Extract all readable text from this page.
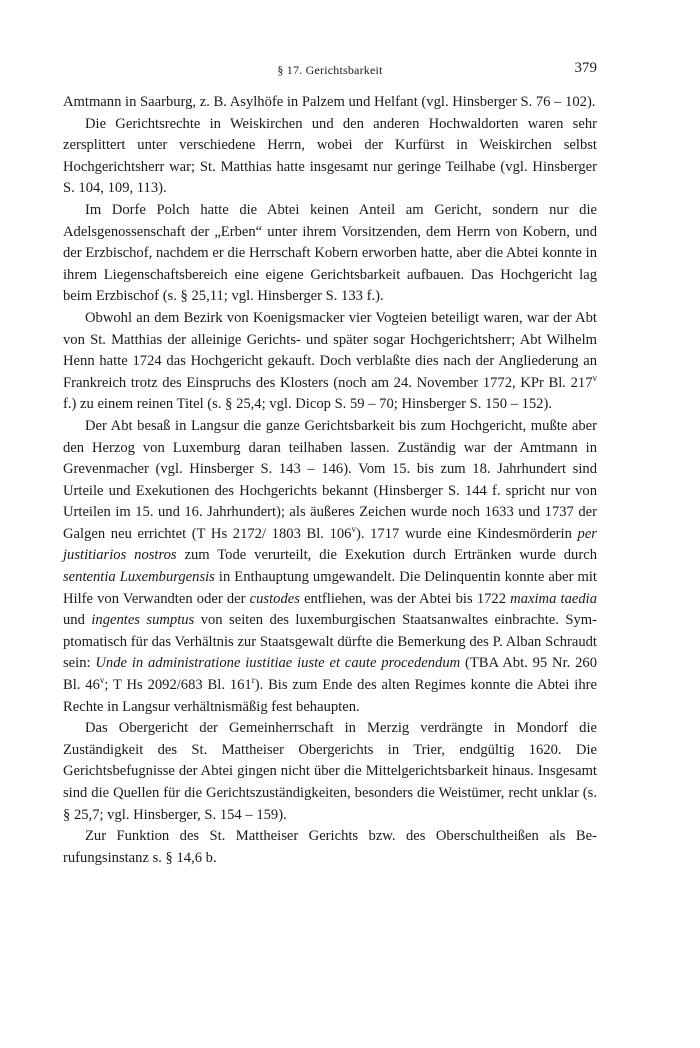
§ 17. Gerichtsbarkeit	379

Amtmann in Saarburg, z. B. Asylhöfe in Palzem und Helfant (vgl. Hinsberger S. 76 – 102).

Die Gerichtsrechte in Weiskirchen und den anderen Hochwaldorten waren sehr zersplittert unter verschiedene Herrn, wobei der Kurfürst in Weiskirchen selbst Hochgerichtsherr war; St. Matthias hatte insgesamt nur geringe Teilhabe (vgl. Hinsberger S. 104, 109, 113).

Im Dorfe Polch hatte die Abtei keinen Anteil am Gericht, sondern nur die Adelsgenossenschaft der „Erben“ unter ihrem Vorsitzenden, dem Herrn von Kobern, und der Erzbischof, nachdem er die Herrschaft Kobern erworben hatte, aber die Abtei konnte in ihrem Liegenschaftsbereich eine eigene Gerichtsbarkeit aufbauen. Das Hochgericht lag beim Erzbischof (s. § 25,11; vgl. Hinsberger S. 133 f.).

Obwohl an dem Bezirk von Koenigsmacker vier Vogteien beteiligt waren, war der Abt von St. Matthias der alleinige Gerichts- und später sogar Hochgerichtsherr; Abt Wilhelm Henn hatte 1724 das Hochgericht gekauft. Doch verblaßte dies nach der Angliederung an Frankreich trotz des Einspruchs des Klosters (noch am 24. November 1772, KPr Bl. 217$^v$ f.) zu einem reinen Titel (s. § 25,4; vgl. Dicop S. 59 – 70; Hinsberger S. 150 – 152).

Der Abt besaß in Langsur die ganze Gerichtsbarkeit bis zum Hochgericht, mußte aber den Herzog von Luxemburg daran teilhaben lassen. Zuständig war der Amtmann in Grevenmacher (vgl. Hinsberger S. 143 – 146). Vom 15. bis zum 18. Jahrhundert sind Urteile und Exekutionen des Hochgerichts bekannt (Hinsberger S. 144 f. spricht nur von Urteilen im 15. und 16. Jahrhundert); als äußeres Zeichen wurde noch 1633 und 1737 der Galgen neu errichtet (T Hs 2172/ 1803 Bl. 106$^v$). 1717 wurde eine Kindesmörderin per justitiarios nostros zum Tode verurteilt, die Exekution durch Ertränken wurde durch sententia Luxemburgensis in Enthauptung umgewandelt. Die Delinquentin konnte aber mit Hilfe von Verwandten oder der custodes entfliehen, was der Abtei bis 1722 maxima taedia und ingentes sumptus von seiten des luxemburgischen Staatsanwaltes einbrachte. Symptomatisch für das Verhältnis zur Staatsgewalt dürfte die Bemerkung des P. Alban Schraudt sein: Unde in administratione iustitiae iuste et caute procedendum (TBA Abt. 95 Nr. 260 Bl. 46$^v$; T Hs 2092/683 Bl. 161$^r$). Bis zum Ende des alten Regimes konnte die Abtei ihre Rechte in Langsur verhältnismäßig fest behaupten.

Das Obergericht der Gemeinherrschaft in Merzig verdrängte in Mondorf die Zuständigkeit des St. Mattheiser Obergerichts in Trier, endgültig 1620. Die Gerichtsbefugnisse der Abtei gingen nicht über die Mittelgerichtsbarkeit hinaus. Insgesamt sind die Quellen für die Gerichtszuständigkeiten, besonders die Weistümer, recht unklar (s. § 25,7; vgl. Hinsberger, S. 154 – 159).

Zur Funktion des St. Mattheiser Gerichts bzw. des Oberschultheißen als Berufungsinstanz s. § 14,6 b.
